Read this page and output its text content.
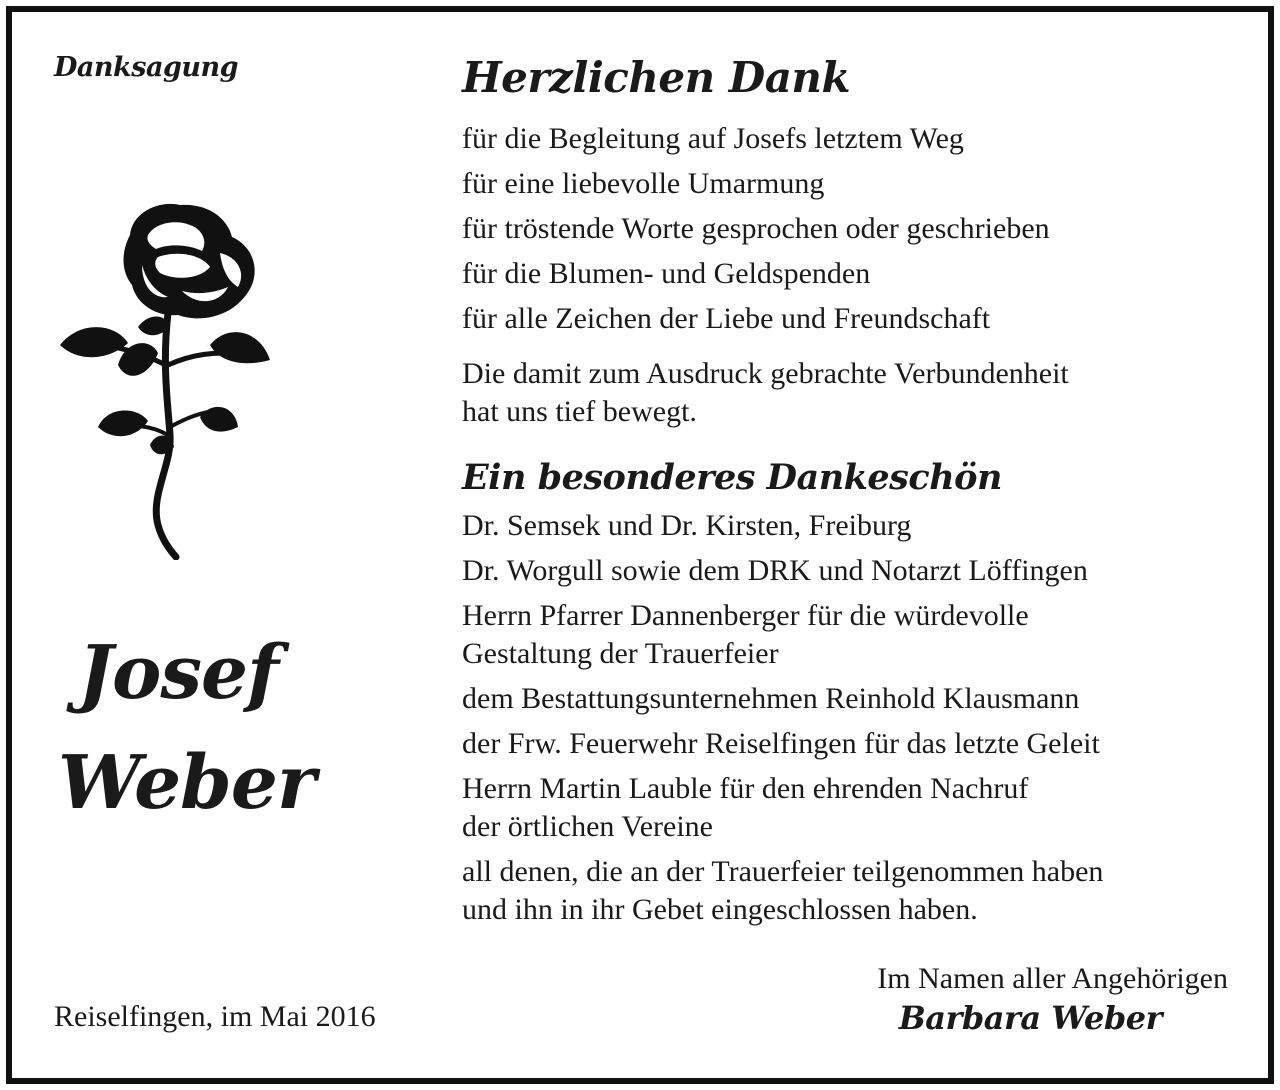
Danksagung
Josef
Weber
Reiselfingen, im Mai 2016
Herzlichen Dank

für die Begleitung auf Josefs letztem Weg

für eine liebevolle Umarmung

für tröstende Worte gesprochen oder geschrieben

für die Blumen- und Geldspenden

für alle Zeichen der Liebe und Freundschaft

Die damit zum Ausdruck gebrachte Verbundenheit

hat uns tief bewegt.

Ein besonderes Dankeschön
Dr. Semsek und Dr. Kirsten, Freiburg
Dr. Worgull sowie dem DRK und Notarzt Löffingen
Herrn Pfarrer Dannenberger für die würdevolle
Gestaltung der Trauerfeier
dem Bestattungsunternehmen Reinhold Klausmann
der Frw. Feuerwehr Reiselfingen für das letzte Geleit
Herrn Martin Lauble für den ehrenden Nachruf
der örtlichen Vereine
all denen, die an der Trauerfeier teilgenommen haben
und ihn in ihr Gebet eingeschlossen haben.
Im Namen aller Angehörigen
Barbara Weber
